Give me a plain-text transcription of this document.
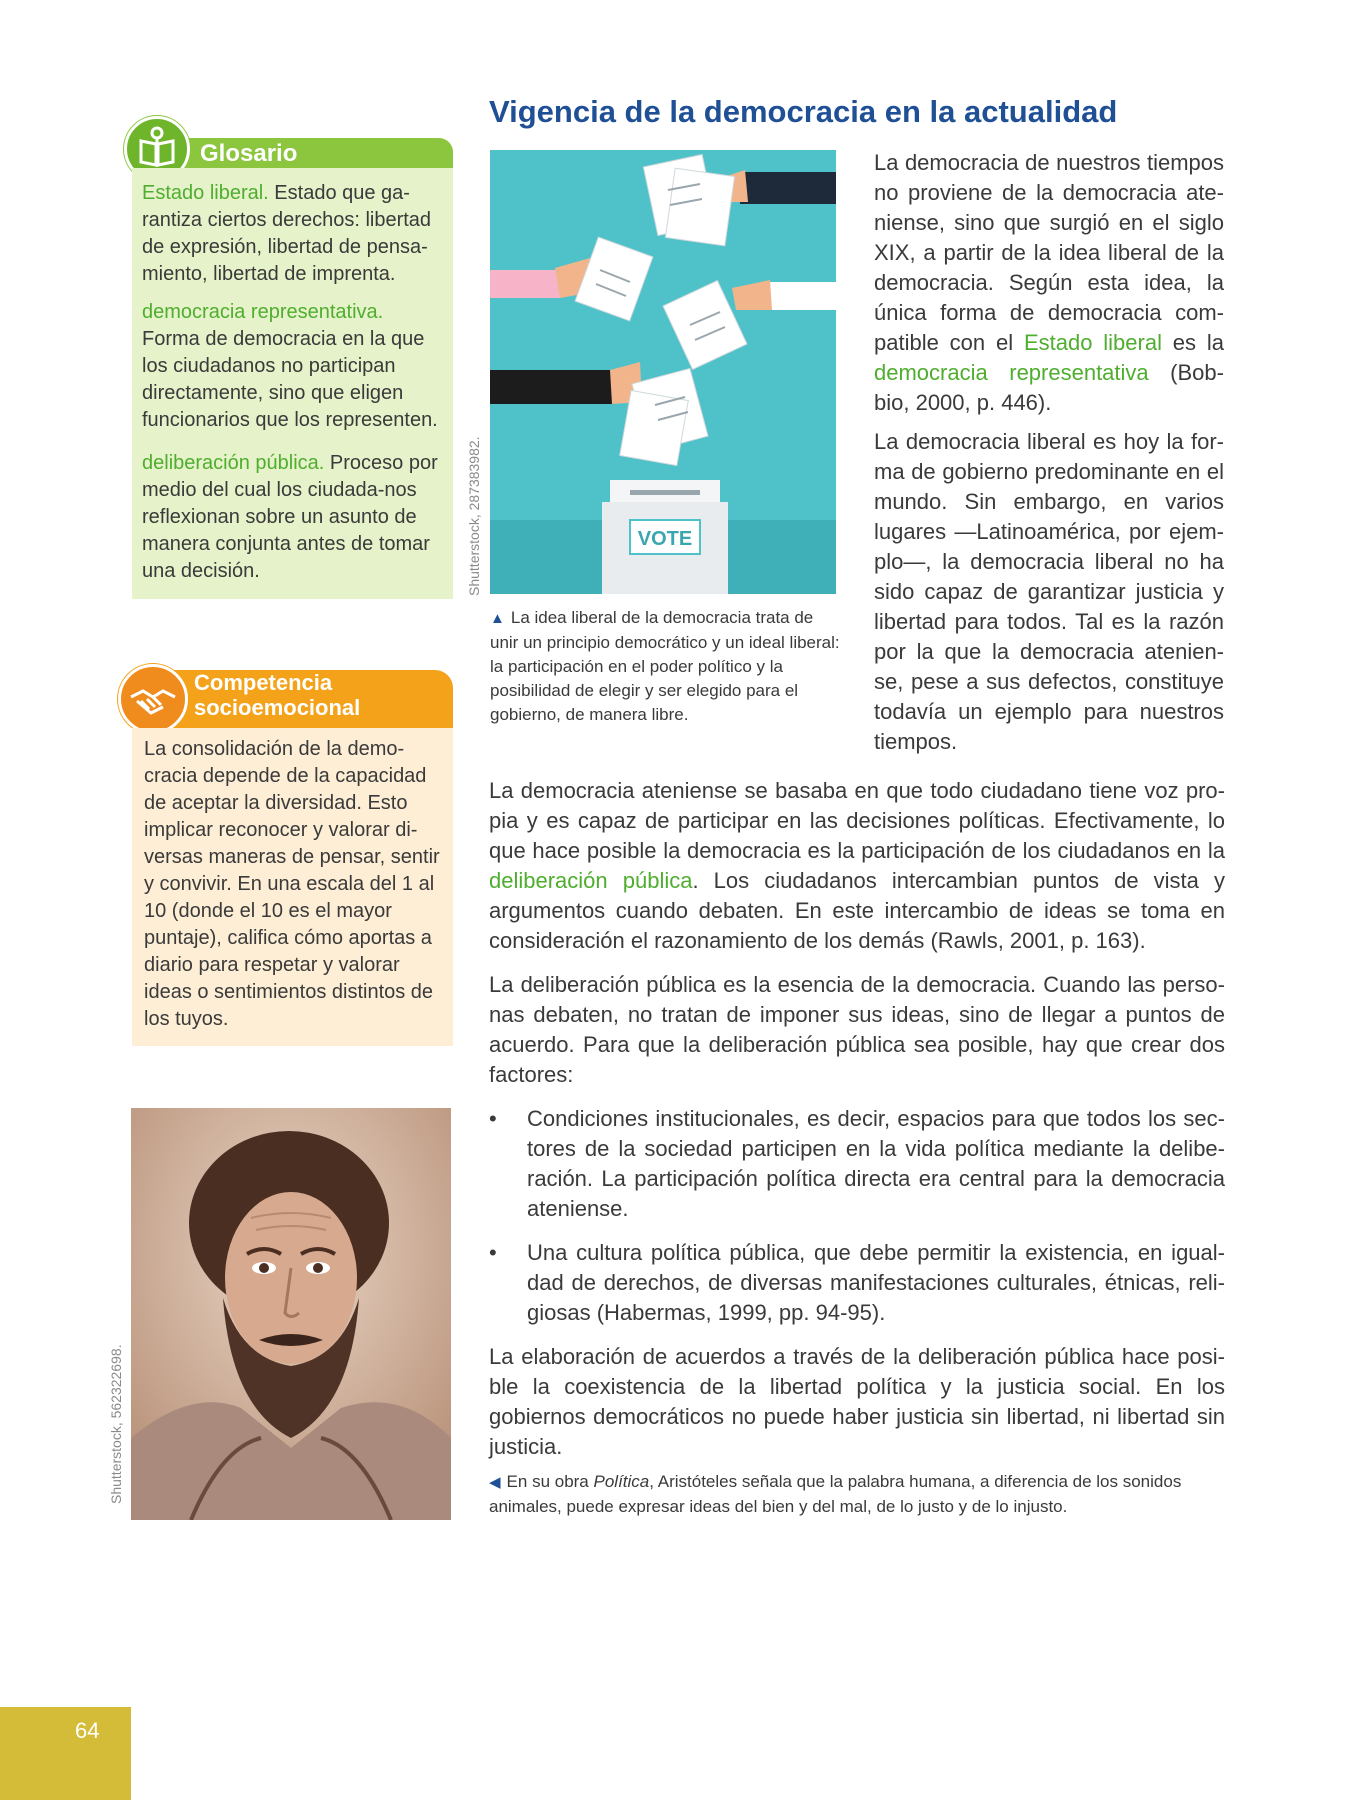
Glosario
Estado liberal. Estado que ga-rantiza ciertos derechos: libertad de expresión, libertad de pensa-miento, libertad de imprenta.
democracia representativa.
Forma de democracia en la que los ciudadanos no participan directamente, sino que eligen funcionarios que los representen.
deliberación pública. Proceso por medio del cual los ciudada-nos reflexionan sobre un asunto de manera conjunta antes de tomar una decisión.	Shutterstock, 287383982.
Competencia
socioemocional
La consolidación de la demo-cracia depende de la capacidad de aceptar la diversidad. Esto implicar reconocer y valorar di-versas maneras de pensar, sentir y convivir. En una escala del 1 al 10 (donde el 10 es el mayor puntaje), califica cómo aportas a diario para respetar y valorar ideas o sentimientos distintos de los tuyos.
Shutterstock, 562322698.
Vigencia de la democracia en la actualidad
VOTE
▲ La idea liberal de la democracia trata de unir un principio democrático y un ideal liberal: la participación en el poder político y la posibilidad de elegir y ser elegido para el gobierno, de manera libre.

La democracia de nuestros tiempos no proviene de la democracia ate-niense, sino que surgió en el siglo XIX, a partir de la idea liberal de la democracia. Según esta idea, la única forma de democracia com-patible con el Estado liberal es la democracia representativa (Bob-bio, 2000, p. 446).

La democracia liberal es hoy la for-ma de gobierno predominante en el mundo. Sin embargo, en varios lugares —Latinoamérica, por ejem-plo—, la democracia liberal no ha sido capaz de garantizar justicia y libertad para todos. Tal es la razón por la que la democracia atenien-se, pese a sus defectos, constituye todavía un ejemplo para nuestros tiempos.

La democracia ateniense se basaba en que todo ciudadano tiene voz pro-pia y es capaz de participar en las decisiones políticas. Efectivamente, lo que hace posible la democracia es la participación de los ciudadanos en la deliberación pública. Los ciudadanos intercambian puntos de vista y argumentos cuando debaten. En este intercambio de ideas se toma en consideración el razonamiento de los demás (Rawls, 2001, p. 163).

La deliberación pública es la esencia de la democracia. Cuando las perso-nas debaten, no tratan de imponer sus ideas, sino de llegar a puntos de acuerdo. Para que la deliberación pública sea posible, hay que crear dos factores:

• Condiciones institucionales, es decir, espacios para que todos los sec-tores de la sociedad participen en la vida política mediante la delibe-ración. La participación política directa era central para la democracia ateniense.
• Una cultura política pública, que debe permitir la existencia, en igual-dad de derechos, de diversas manifestaciones culturales, étnicas, reli-giosas (Habermas, 1999, pp. 94-95).

La elaboración de acuerdos a través de la deliberación pública hace posi-ble la coexistencia de la libertad política y la justicia social. En los gobiernos democráticos no puede haber justicia sin libertad, ni libertad sin justicia.

◀ En su obra Política, Aristóteles señala que la palabra humana, a diferencia de los sonidos animales, puede expresar ideas del bien y del mal, de lo justo y de lo injusto.
64
